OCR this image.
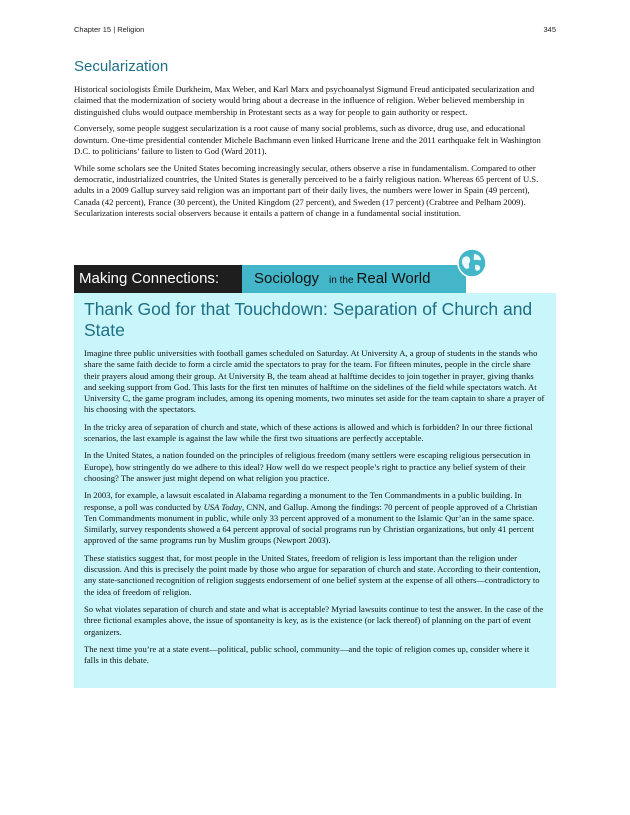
Chapter 15 | Religion	345
Secularization

Historical sociologists Émile Durkheim, Max Weber, and Karl Marx and psychoanalyst Sigmund Freud anticipated secularization and claimed that the modernization of society would bring about a decrease in the influence of religion. Weber believed membership in distinguished clubs would outpace membership in Protestant sects as a way for people to gain authority or respect.

Conversely, some people suggest secularization is a root cause of many social problems, such as divorce, drug use, and educational downturn. One-time presidential contender Michele Bachmann even linked Hurricane Irene and the 2011 earthquake felt in Washington D.C. to politicians’ failure to listen to God (Ward 2011).

While some scholars see the United States becoming increasingly secular, others observe a rise in fundamentalism. Compared to other democratic, industrialized countries, the United States is generally perceived to be a fairly religious nation. Whereas 65 percent of U.S. adults in a 2009 Gallup survey said religion was an important part of their daily lives, the numbers were lower in Spain (49 percent), Canada (42 percent), France (30 percent), the United Kingdom (27 percent), and Sweden (17 percent) (Crabtree and Pelham 2009). Secularization interests social observers because it entails a pattern of change in a fundamental social institution.

Making Connections:	Sociology in the Real World
Thank God for that Touchdown: Separation of Church and State

Imagine three public universities with football games scheduled on Saturday. At University A, a group of students in the stands who share the same faith decide to form a circle amid the spectators to pray for the team. For fifteen minutes, people in the circle share their prayers aloud among their group. At University B, the team ahead at halftime decides to join together in prayer, giving thanks and seeking support from God. This lasts for the first ten minutes of halftime on the sidelines of the field while spectators watch. At University C, the game program includes, among its opening moments, two minutes set aside for the team captain to share a prayer of his choosing with the spectators.

In the tricky area of separation of church and state, which of these actions is allowed and which is forbidden? In our three fictional scenarios, the last example is against the law while the first two situations are perfectly acceptable.

In the United States, a nation founded on the principles of religious freedom (many settlers were escaping religious persecution in Europe), how stringently do we adhere to this ideal? How well do we respect people’s right to practice any belief system of their choosing? The answer just might depend on what religion you practice.

In 2003, for example, a lawsuit escalated in Alabama regarding a monument to the Ten Commandments in a public building. In response, a poll was conducted by USA Today, CNN, and Gallup. Among the findings: 70 percent of people approved of a Christian Ten Commandments monument in public, while only 33 percent approved of a monument to the Islamic Qur’an in the same space. Similarly, survey respondents showed a 64 percent approval of social programs run by Christian organizations, but only 41 percent approved of the same programs run by Muslim groups (Newport 2003).

These statistics suggest that, for most people in the United States, freedom of religion is less important than the religion under discussion. And this is precisely the point made by those who argue for separation of church and state. According to their contention, any state-sanctioned recognition of religion suggests endorsement of one belief system at the expense of all others—contradictory to the idea of freedom of religion.

So what violates separation of church and state and what is acceptable? Myriad lawsuits continue to test the answer. In the case of the three fictional examples above, the issue of spontaneity is key, as is the existence (or lack thereof) of planning on the part of event organizers.

The next time you’re at a state event—political, public school, community—and the topic of religion comes up, consider where it falls in this debate.
